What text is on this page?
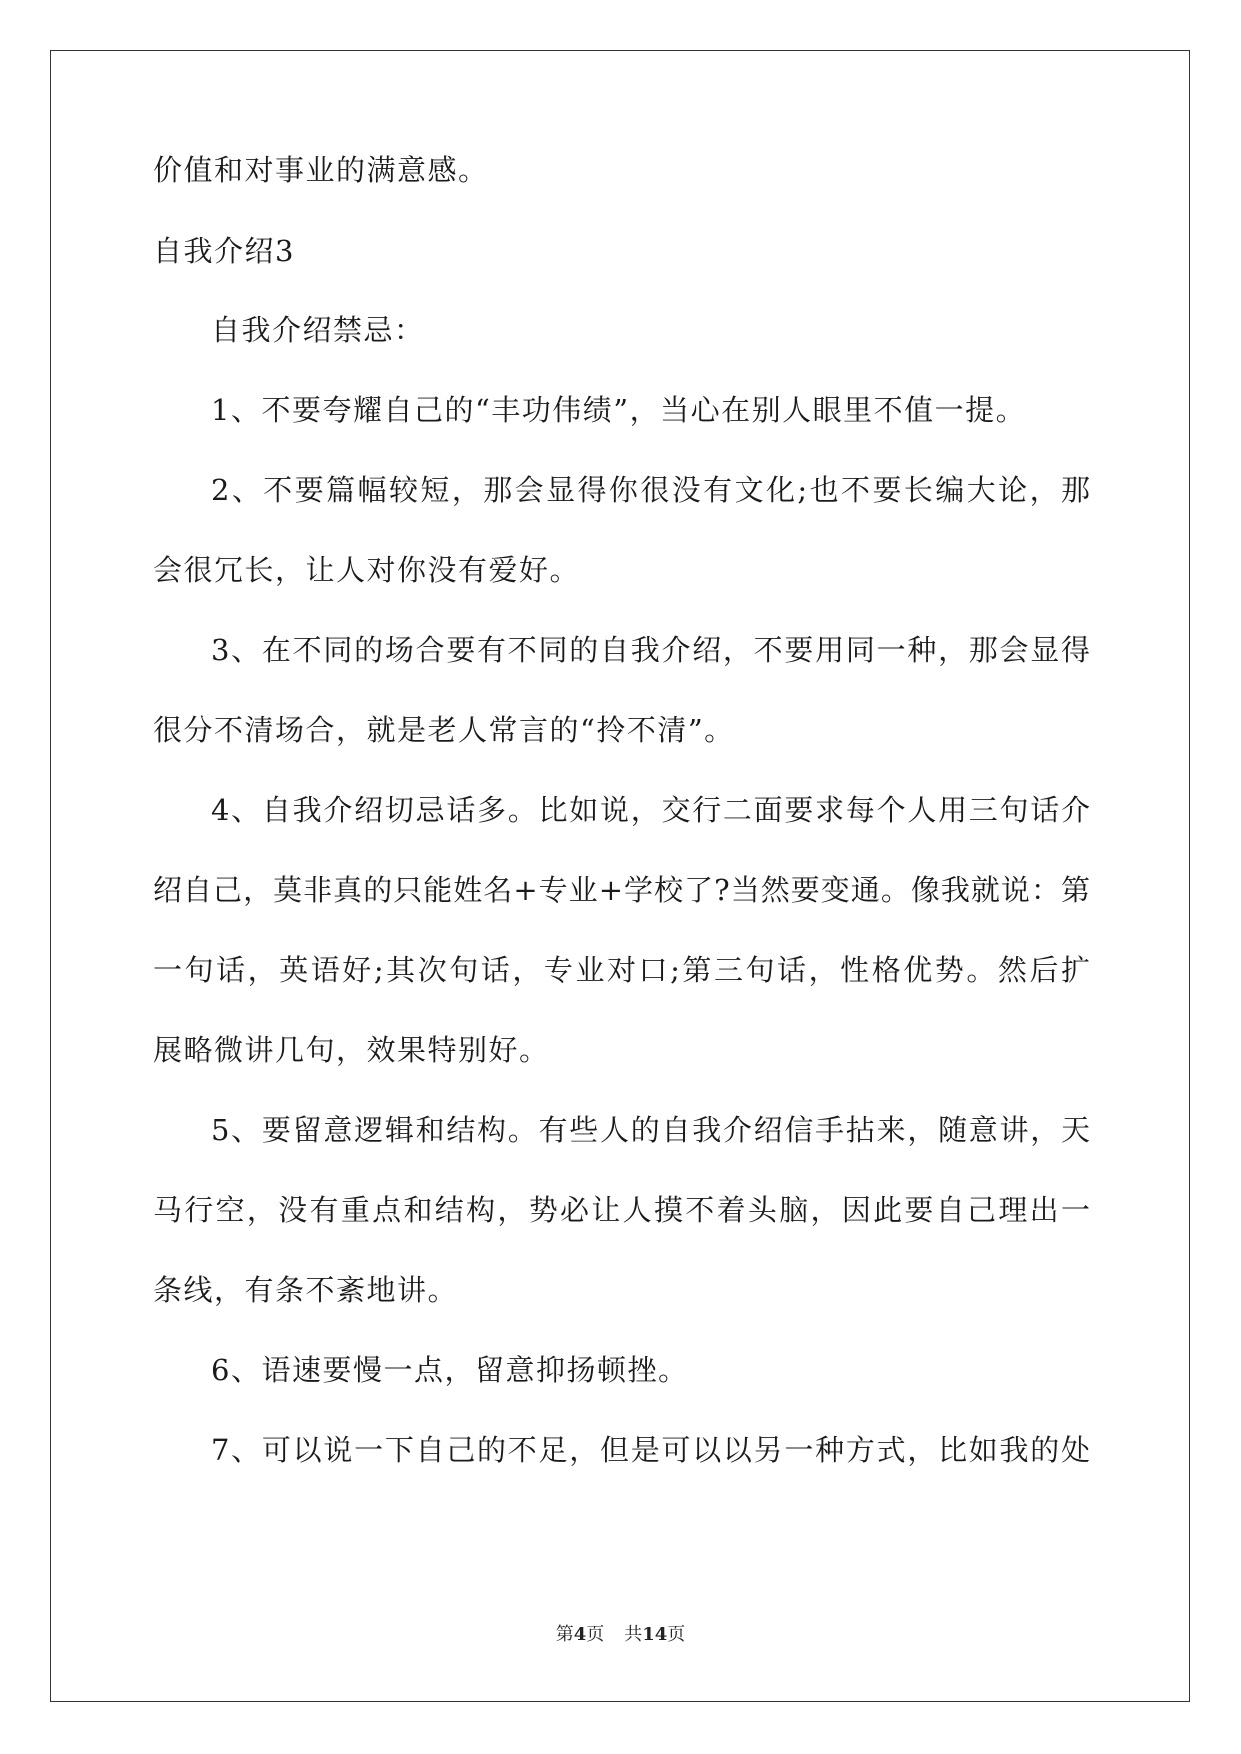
价值和对事业的满意感。
自我介绍3
自我介绍禁忌：
1、不要夸耀自己的“丰功伟绩”，当心在别人眼里不值一提。
2、不要篇幅较短，那会显得你很没有文化;也不要长编大论，那
会很冗长，让人对你没有爱好。
3、在不同的场合要有不同的自我介绍，不要用同一种，那会显得
很分不清场合，就是老人常言的“拎不清”。
4、自我介绍切忌话多。比如说，交行二面要求每个人用三句话介
绍自己，莫非真的只能姓名+专业+学校了?当然要变通。像我就说：第
一句话，英语好;其次句话，专业对口;第三句话，性格优势。然后扩
展略微讲几句，效果特别好。
5、要留意逻辑和结构。有些人的自我介绍信手拈来，随意讲，天
马行空，没有重点和结构，势必让人摸不着头脑，因此要自己理出一
条线，有条不紊地讲。
6、语速要慢一点，留意抑扬顿挫。
7、可以说一下自己的不足，但是可以以另一种方式，比如我的处
第4页 共14页
